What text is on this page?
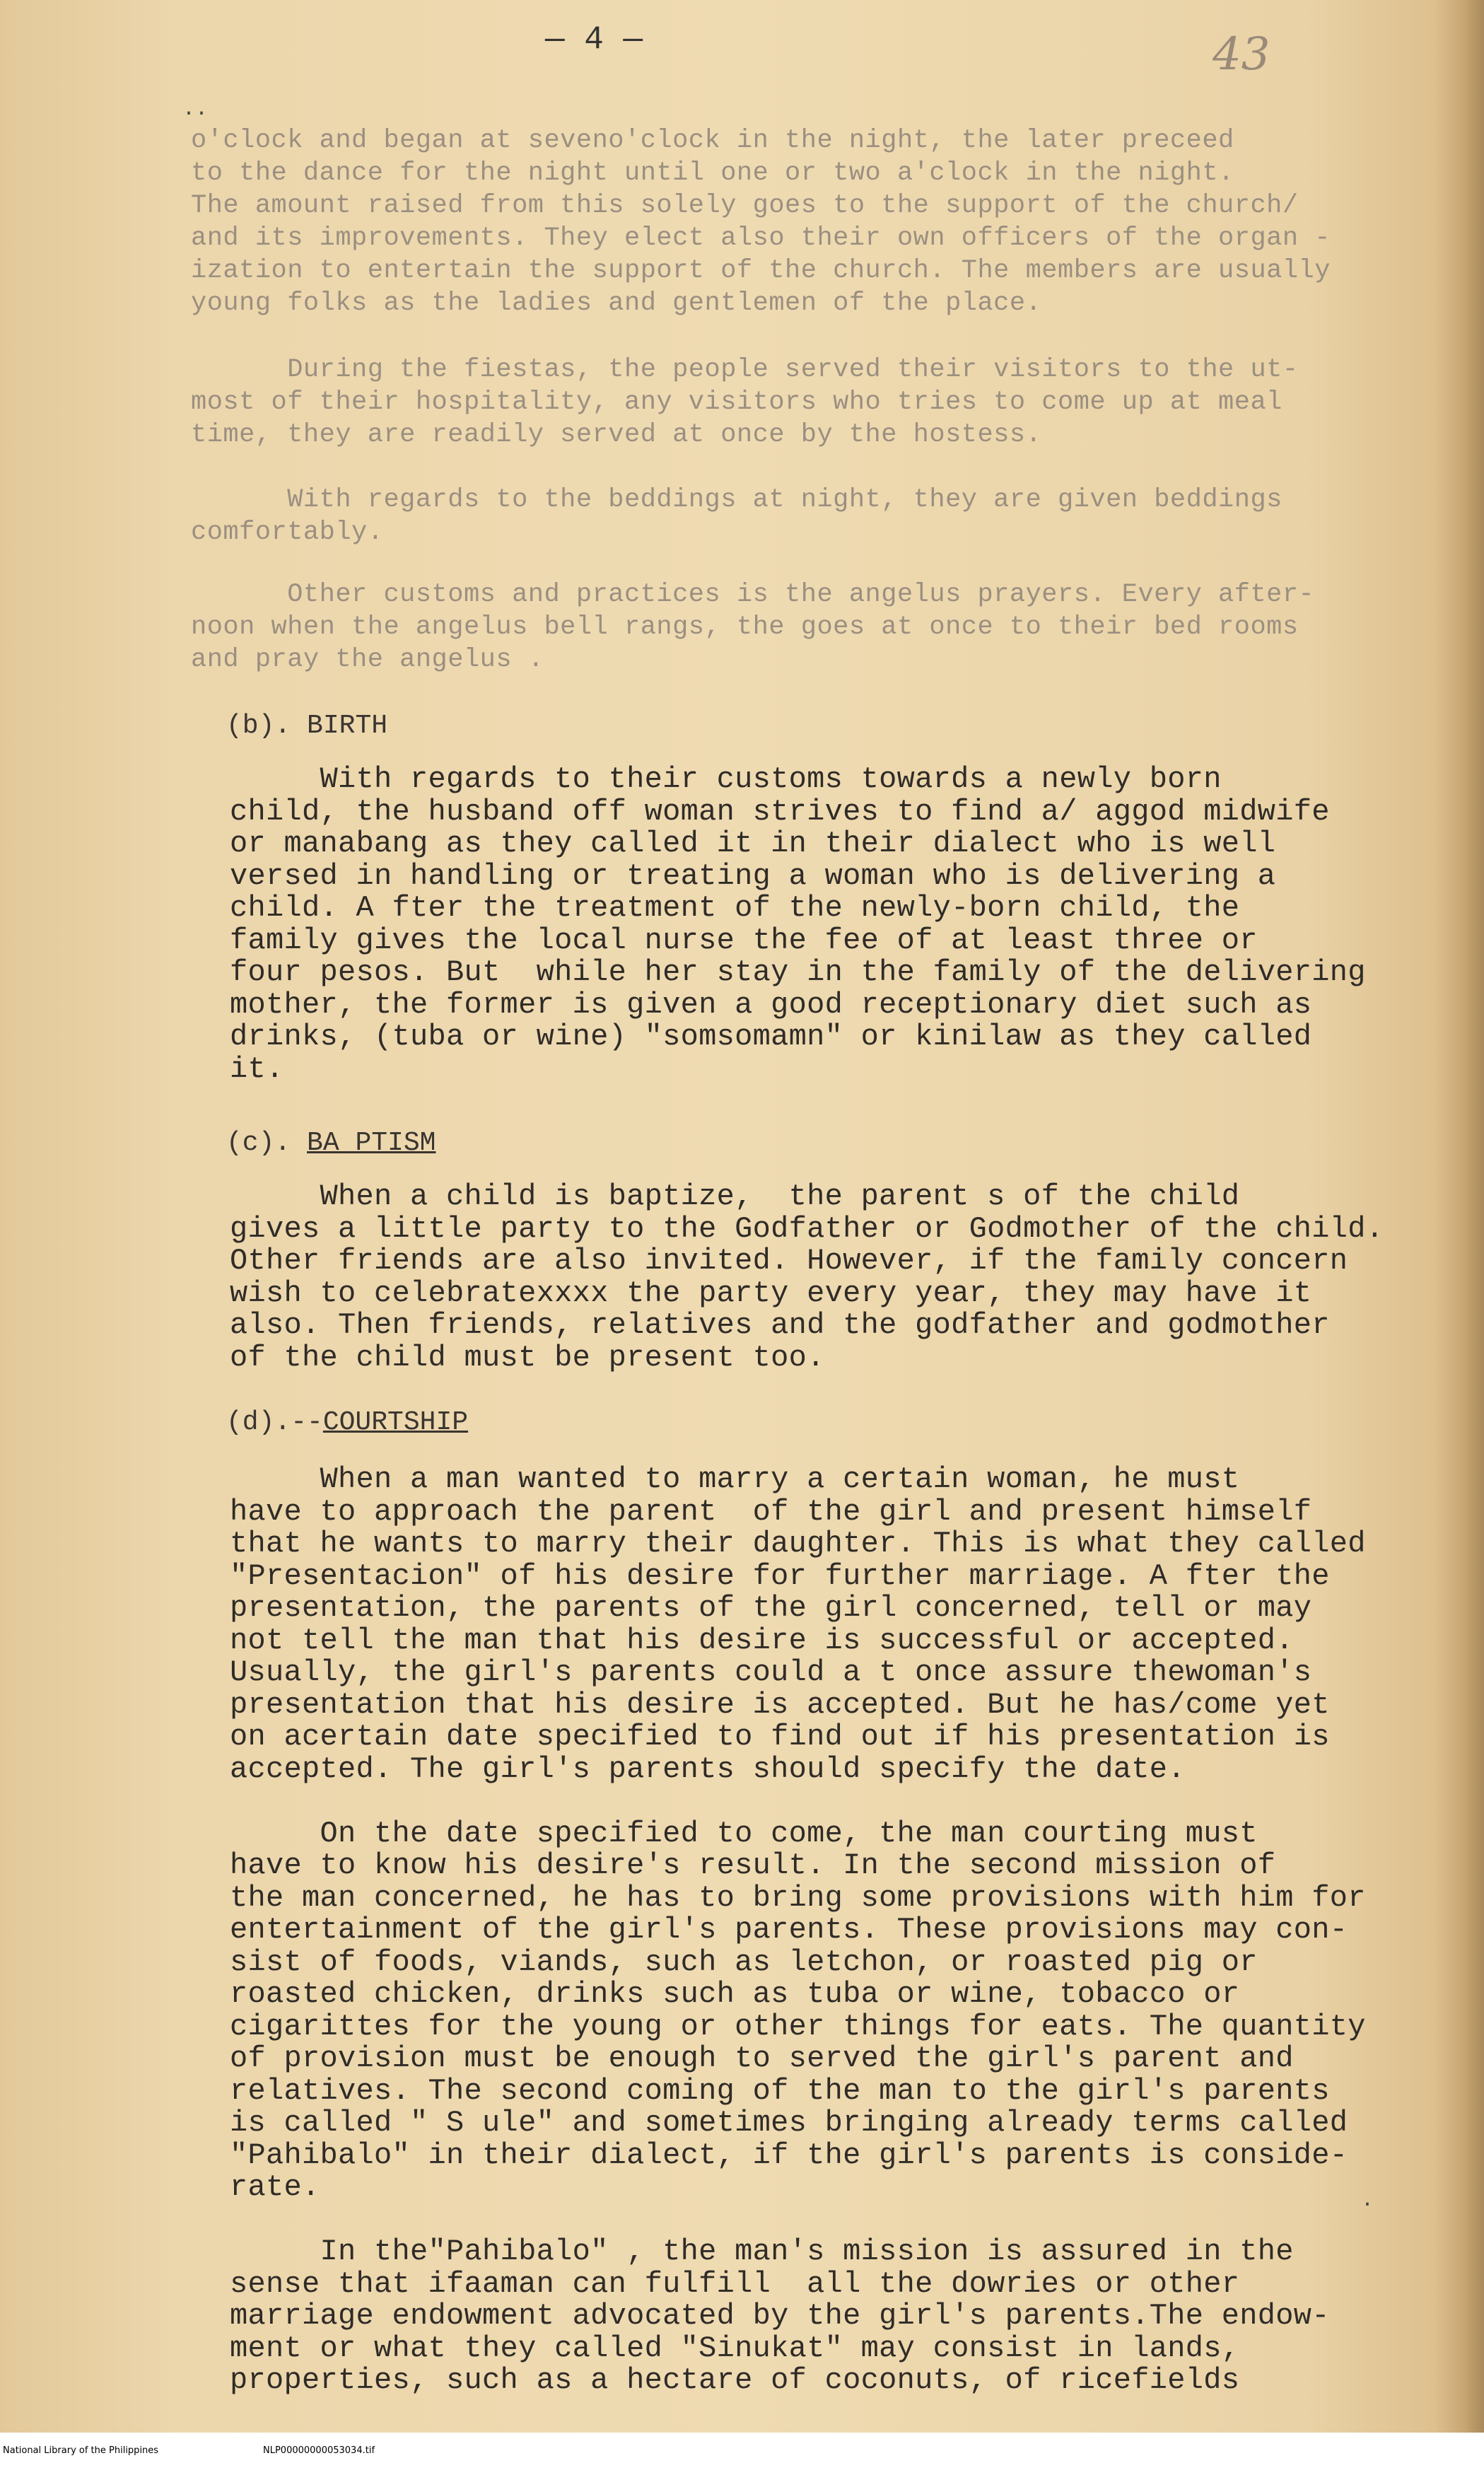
— 4 —	43
..
.

o'clock and began at seveno'clock in the night, the later preceed
to the dance for the night until one or two a'clock in the night.
The amount raised from this solely goes to the support of the church/
and its improvements. They elect also their own officers of the organ -
ization to entertain the support of the church. The members are usually
young folks as the ladies and gentlemen of the place.

During the fiestas, the people served their visitors to the ut-
most of their hospitality, any visitors who tries to come up at meal
time, they are readily served at once by the hostess.

With regards to the beddings at night, they are given beddings
comfortably.

Other customs and practices is the angelus prayers. Every after-
noon when the angelus bell rangs, the goes at once to their bed rooms
and pray the angelus .

(b). BIRTH

With regards to their customs towards a newly born
child, the husband off woman strives to find a/ aggod midwife
or manabang as they called it in their dialect who is well
versed in handling or treating a woman who is delivering a
child. A fter the treatment of the newly-born child, the
family gives the local nurse the fee of at least three or
four pesos. But  while her stay in the family of the delivering
mother, the former is given a good receptionary diet such as
drinks, (tuba or wine) "somsomamn" or kinilaw as they called
it.

(c). BA PTISM

When a child is baptize,  the parent s of the child
gives a little party to the Godfather or Godmother of the child.
Other friends are also invited. However, if the family concern
wish to celebratexxxx the party every year, they may have it
also. Then friends, relatives and the godfather and godmother
of the child must be present too.

(d).--COURTSHIP

When a man wanted to marry a certain woman, he must
have to approach the parent  of the girl and present himself
that he wants to marry their daughter. This is what they called
"Presentacion" of his desire for further marriage. A fter the
presentation, the parents of the girl concerned, tell or may
not tell the man that his desire is successful or accepted.
Usually, the girl's parents could a t once assure thewoman's
presentation that his desire is accepted. But he has/come yet
on acertain date specified to find out if his presentation is
accepted. The girl's parents should specify the date.

On the date specified to come, the man courting must
have to know his desire's result. In the second mission of
the man concerned, he has to bring some provisions with him for
entertainment of the girl's parents. These provisions may con-
sist of foods, viands, such as letchon, or roasted pig or
roasted chicken, drinks such as tuba or wine, tobacco or
cigarittes for the young or other things for eats. The quantity
of provision must be enough to served the girl's parent and
relatives. The second coming of the man to the girl's parents
is called " S ule" and sometimes bringing already terms called
"Pahibalo" in their dialect, if the girl's parents is conside-
rate.

In the"Pahibalo" , the man's mission is assured in the
sense that ifaaman can fulfill  all the dowries or other
marriage endowment advocated by the girl's parents.The endow-
ment or what they called "Sinukat" may consist in lands,
properties, such as a hectare of coconuts, of ricefields

National Library of the Philippines	NLP00000000053034.tif
